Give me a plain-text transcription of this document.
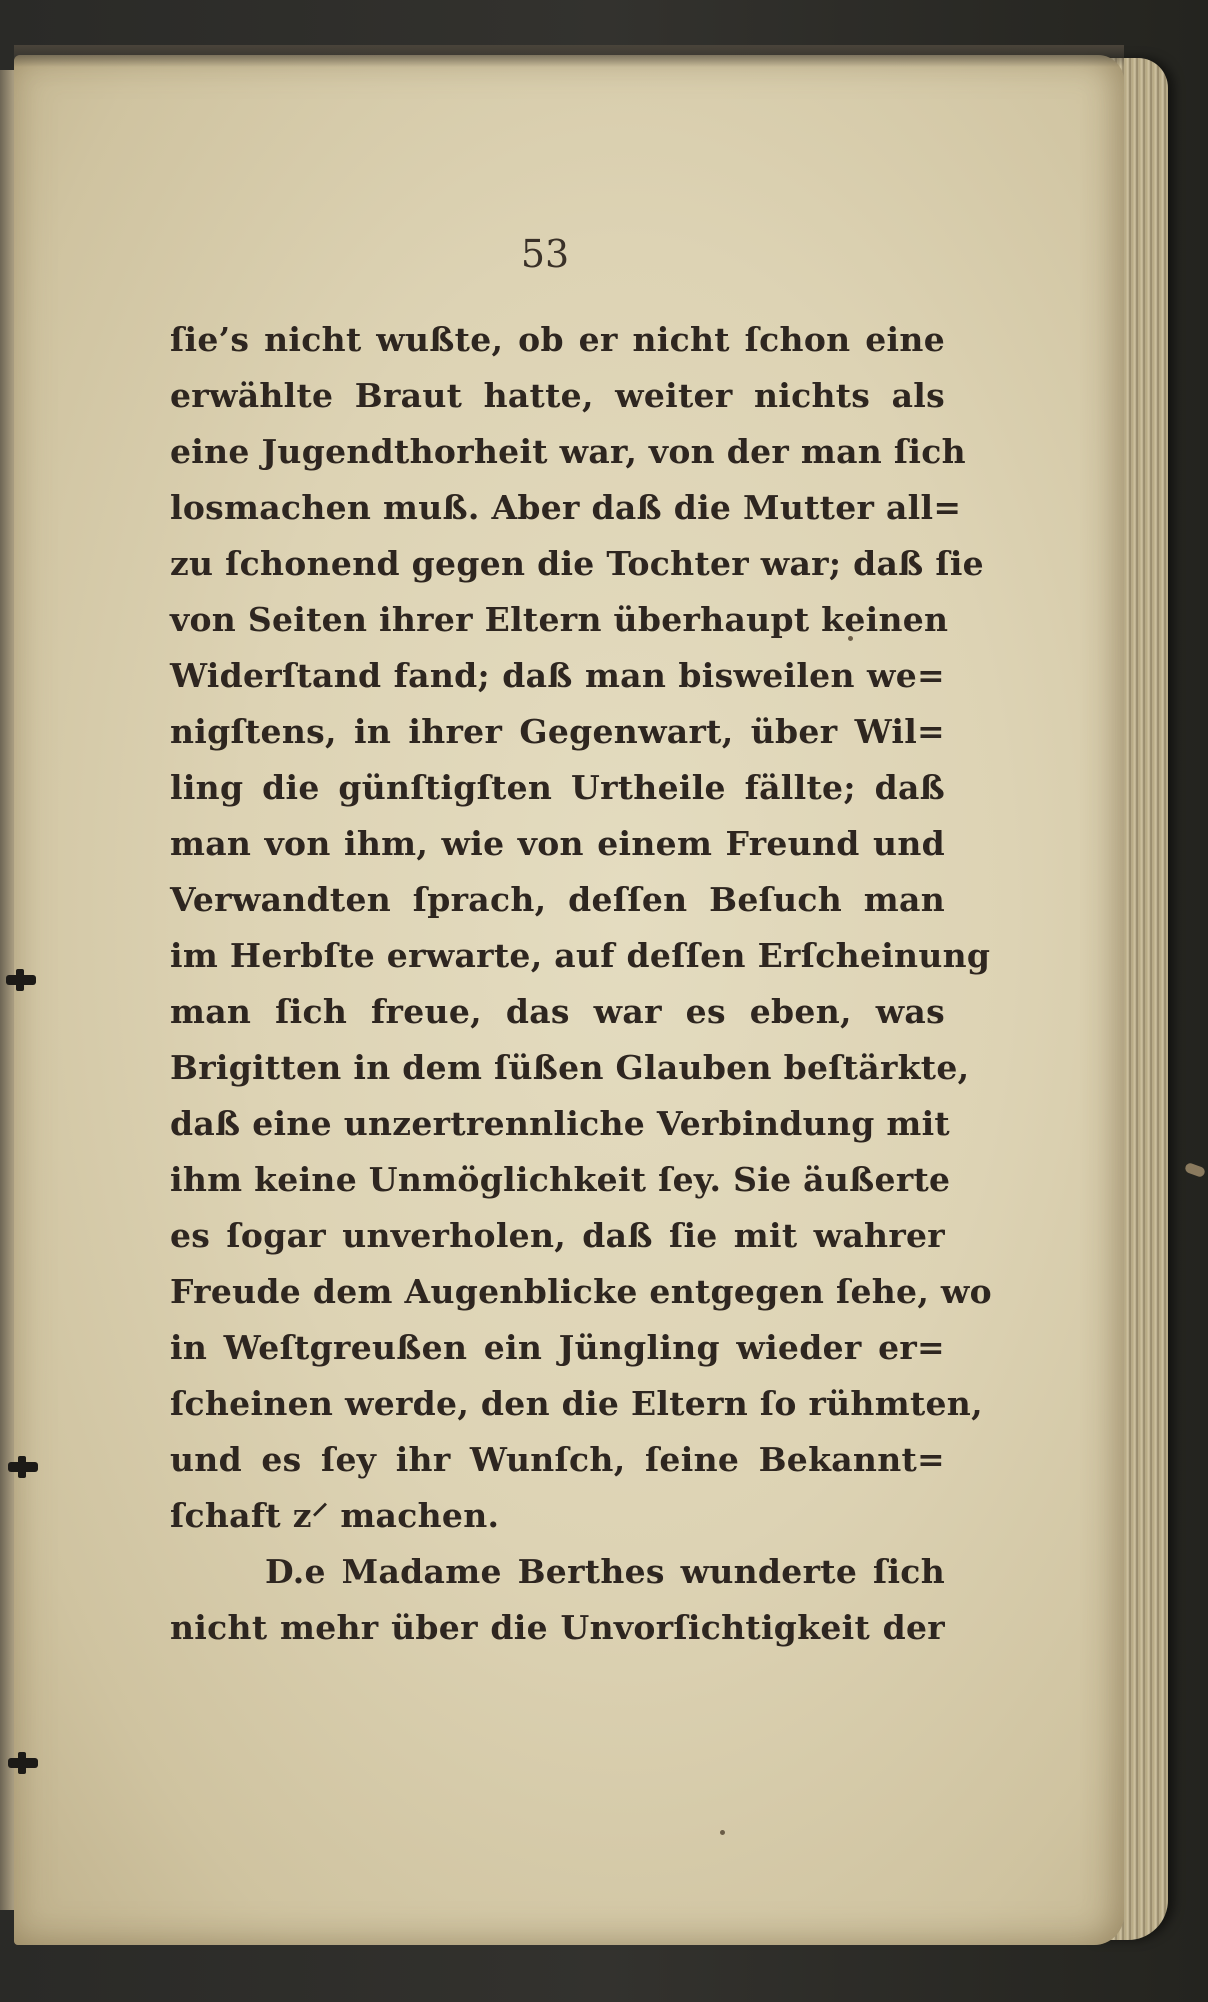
53
ſie’s nicht wußte, ob er nicht ſchon eine
erwählte Braut hatte, weiter nichts als
eine Jugendthorheit war, von der man ſich
losmachen muß. Aber daß die Mutter all=
zu ſchonend gegen die Tochter war; daß ſie
von Seiten ihrer Eltern überhaupt keinen
Widerſtand fand; daß man bisweilen we=
nigſtens, in ihrer Gegenwart, über Wil=
ling die günſtigſten Urtheile fällte; daß
man von ihm, wie von einem Freund und
Verwandten ſprach, deſſen Beſuch man
im Herbſte erwarte, auf deſſen Erſcheinung
man ſich freue, das war es eben, was
Brigitten in dem ſüßen Glauben beſtärkte,
daß eine unzertrennliche Verbindung mit
ihm keine Unmöglichkeit ſey. Sie äußerte
es ſogar unverholen, daß ſie mit wahrer
Freude dem Augenblicke entgegen ſehe, wo
in Weſtgreußen ein Jüngling wieder er=
ſcheinen werde, den die Eltern ſo rühmten,
und es ſey ihr Wunſch, ſeine Bekannt=
ſchaft z⸍ machen.
D.e Madame Berthes wunderte ſich
nicht mehr über die Unvorſichtigkeit der
